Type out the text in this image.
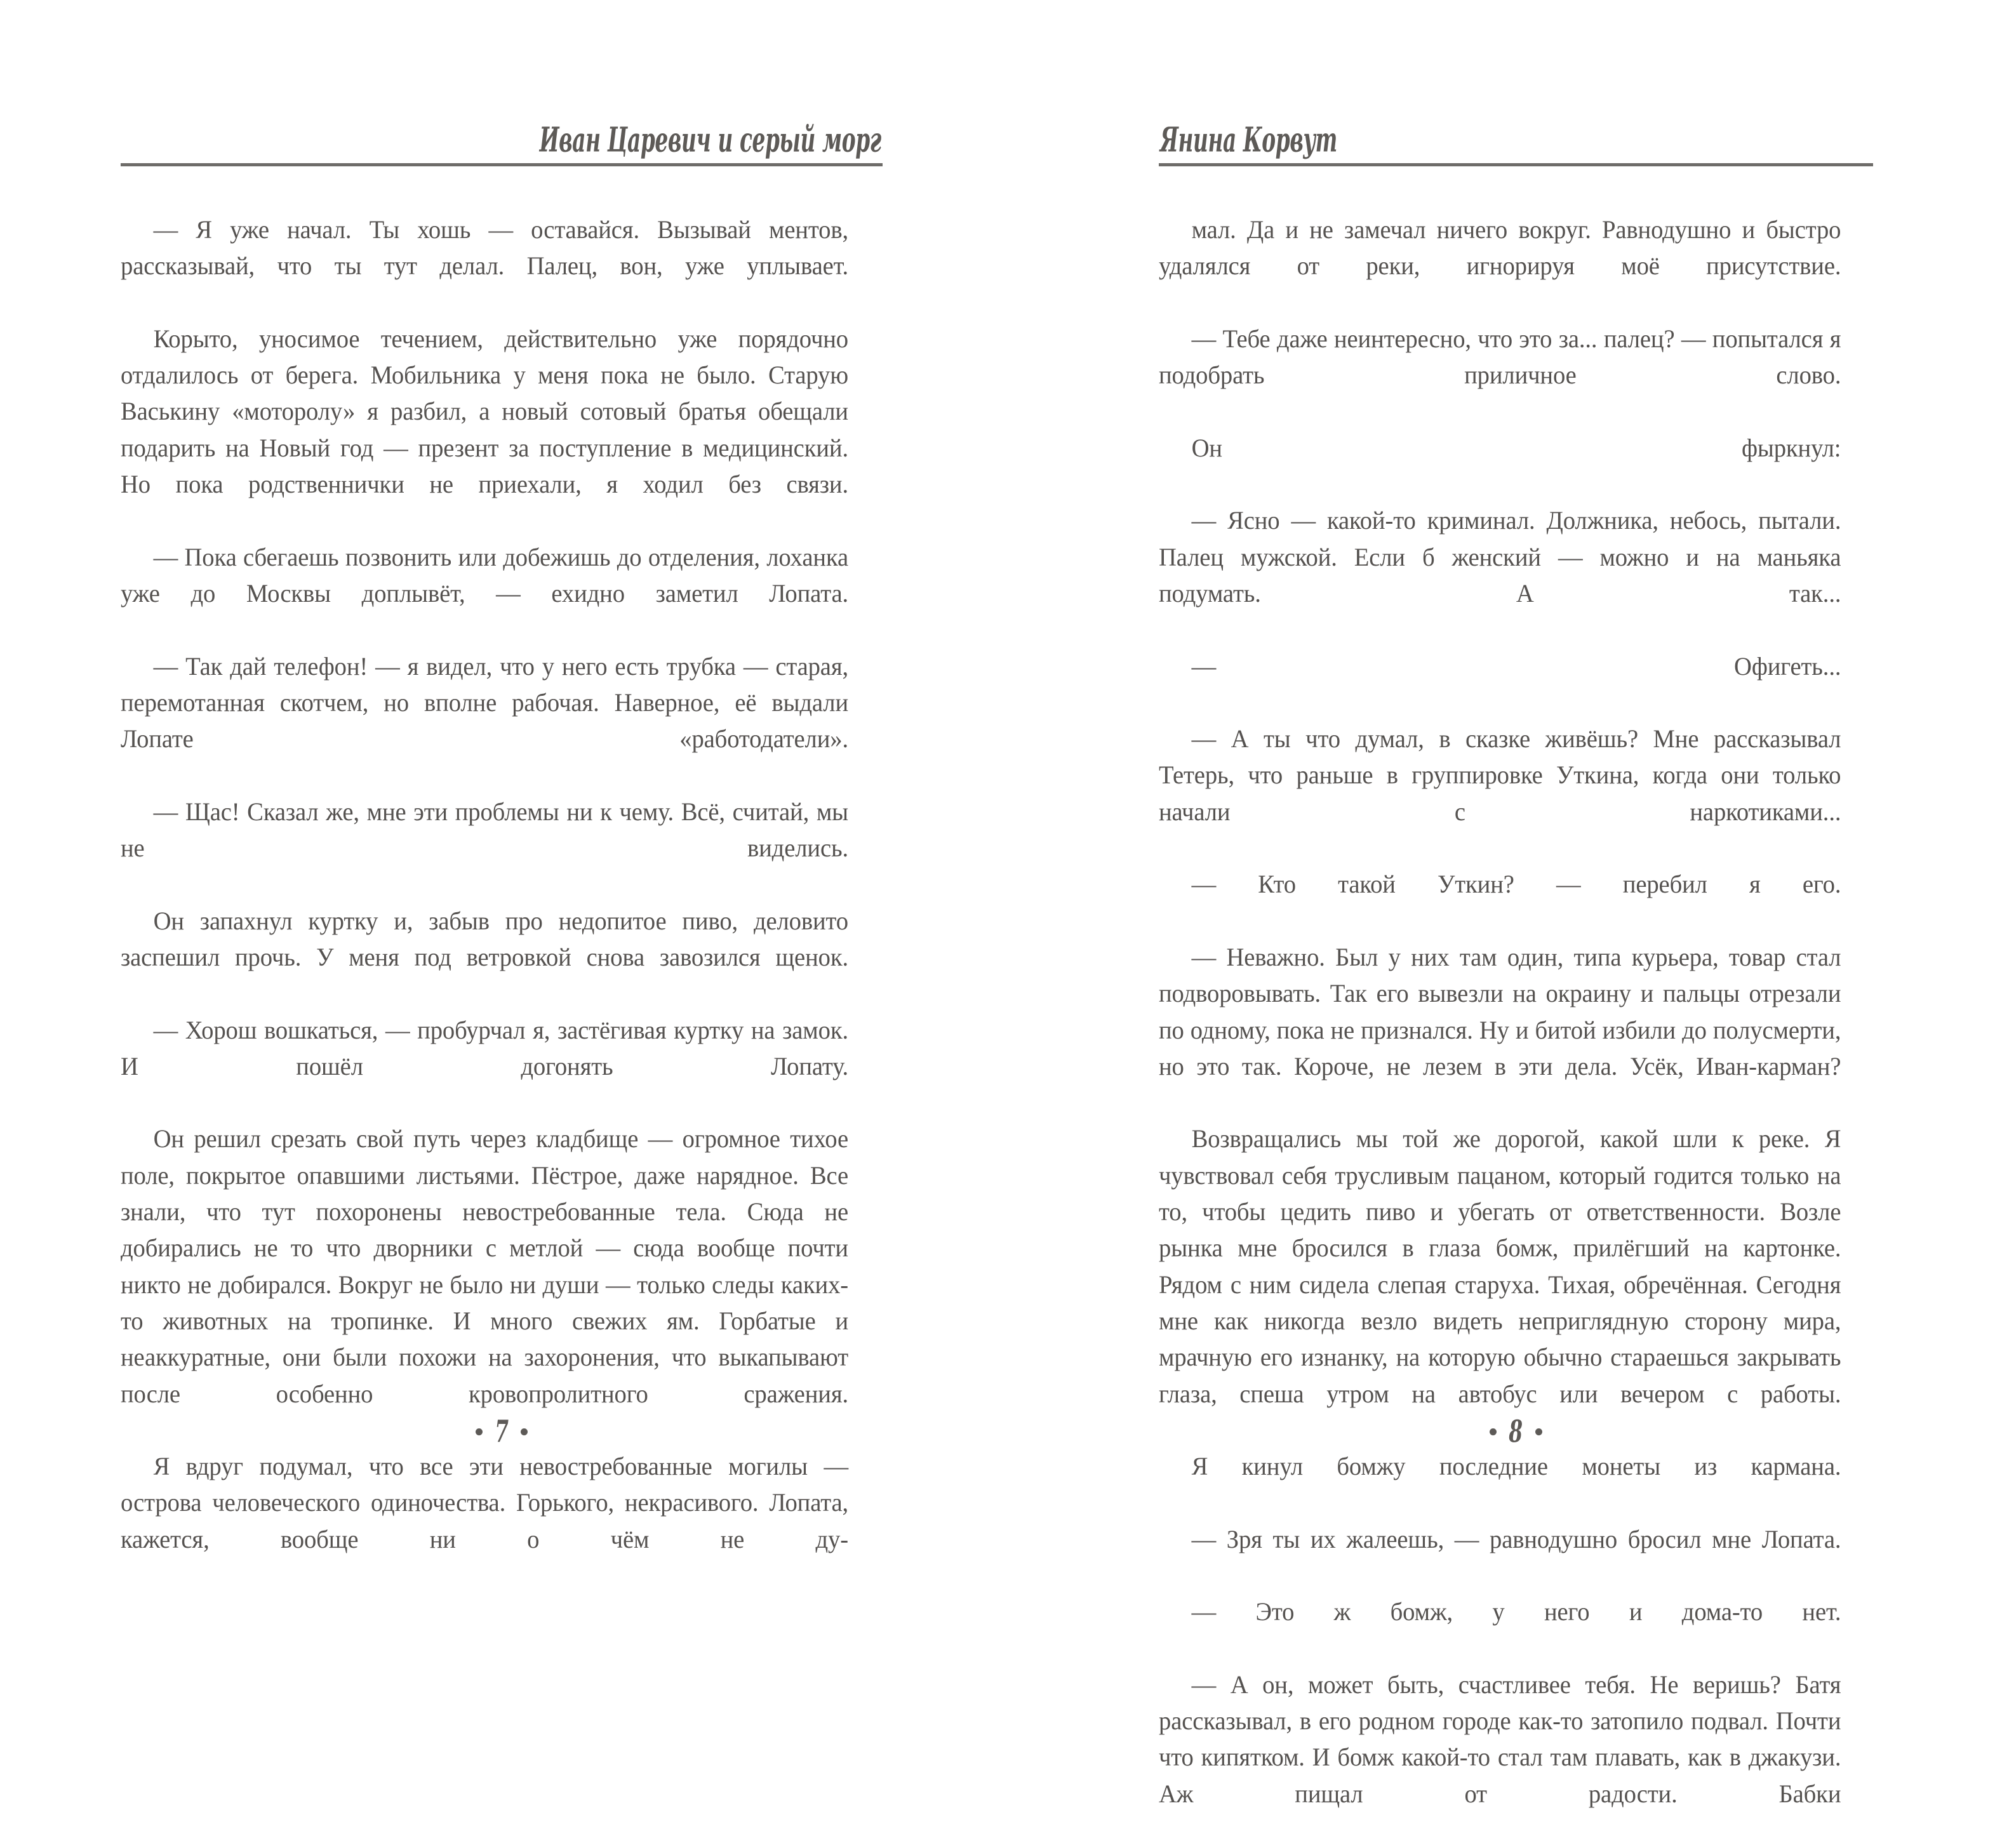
Иван Царевич и серый морг

— Я уже начал. Ты хошь — оставайся. Вызывай ментов, рассказывай, что ты тут делал. Палец, вон, уже уплывает.

Корыто, уносимое течением, действительно уже порядочно отдалилось от берега. Мобильника у меня пока не было. Старую Васькину «моторолу» я разбил, а новый сотовый братья обещали подарить на Новый год — презент за поступление в медицинский. Но пока родственнички не приехали, я ходил без связи.

— Пока сбегаешь позвонить или добежишь до отделения, лоханка уже до Москвы доплывёт, — ехидно заметил Лопата.

— Так дай телефон! — я видел, что у него есть трубка — старая, перемотанная скотчем, но вполне рабочая. Наверное, её выдали Лопате «работодатели».

— Щас! Сказал же, мне эти проблемы ни к чему. Всё, считай, мы не виделись.

Он запахнул куртку и, забыв про недопитое пиво, деловито заспешил прочь. У меня под ветровкой снова завозился щенок.

— Хорош вошкаться, — пробурчал я, застёгивая куртку на замок. И пошёл догонять Лопату.

Он решил срезать свой путь через кладбище — огромное тихое поле, покрытое опавшими листьями. Пёстрое, даже нарядное. Все знали, что тут похоронены невостребованные тела. Сюда не добирались не то что дворники с метлой — сюда вообще почти никто не добирался. Вокруг не было ни души — только следы каких-то животных на тропинке. И много свежих ям. Горбатые и неаккуратные, они были похожи на захоронения, что выкапывают после особенно кровопролитного сражения.

Я вдруг подумал, что все эти невостребованные могилы — острова человеческого одиночества. Горького, некрасивого. Лопата, кажется, вообще ни о чём не ду-

7
Янина Корвут

мал. Да и не замечал ничего вокруг. Равнодушно и быстро удалялся от реки, игнорируя моё присутствие.

— Тебе даже неинтересно, что это за... палец? — попытался я подобрать приличное слово.

Он фыркнул:

— Ясно — какой-то криминал. Должника, небось, пытали. Палец мужской. Если б женский — можно и на маньяка подумать. А так...

— Офигеть...

— А ты что думал, в сказке живёшь? Мне рассказывал Тетерь, что раньше в группировке Уткина, когда они только начали с наркотиками...

— Кто такой Уткин? — перебил я его.

— Неважно. Был у них там один, типа курьера, товар стал подворовывать. Так его вывезли на окраину и пальцы отрезали по одному, пока не признался. Ну и битой избили до полусмерти, но это так. Короче, не лезем в эти дела. Усёк, Иван-карман?

Возвращались мы той же дорогой, какой шли к реке. Я чувствовал себя трусливым пацаном, который годится только на то, чтобы цедить пиво и убегать от ответственности. Возле рынка мне бросился в глаза бомж, прилёгший на картонке. Рядом с ним сидела слепая старуха. Тихая, обречённая. Сегодня мне как никогда везло видеть неприглядную сторону мира, мрачную его изнанку, на которую обычно стараешься закрывать глаза, спеша утром на автобус или вечером с работы.

Я кинул бомжу последние монеты из кармана.

— Зря ты их жалеешь, — равнодушно бросил мне Лопата.

— Это ж бомж, у него и дома-то нет.

— А он, может быть, счастливее тебя. Не веришь? Батя рассказывал, в его родном городе как-то затопило подвал. Почти что кипятком. И бомж какой-то стал там плавать, как в джакузи. Аж пищал от радости. Бабки

8
